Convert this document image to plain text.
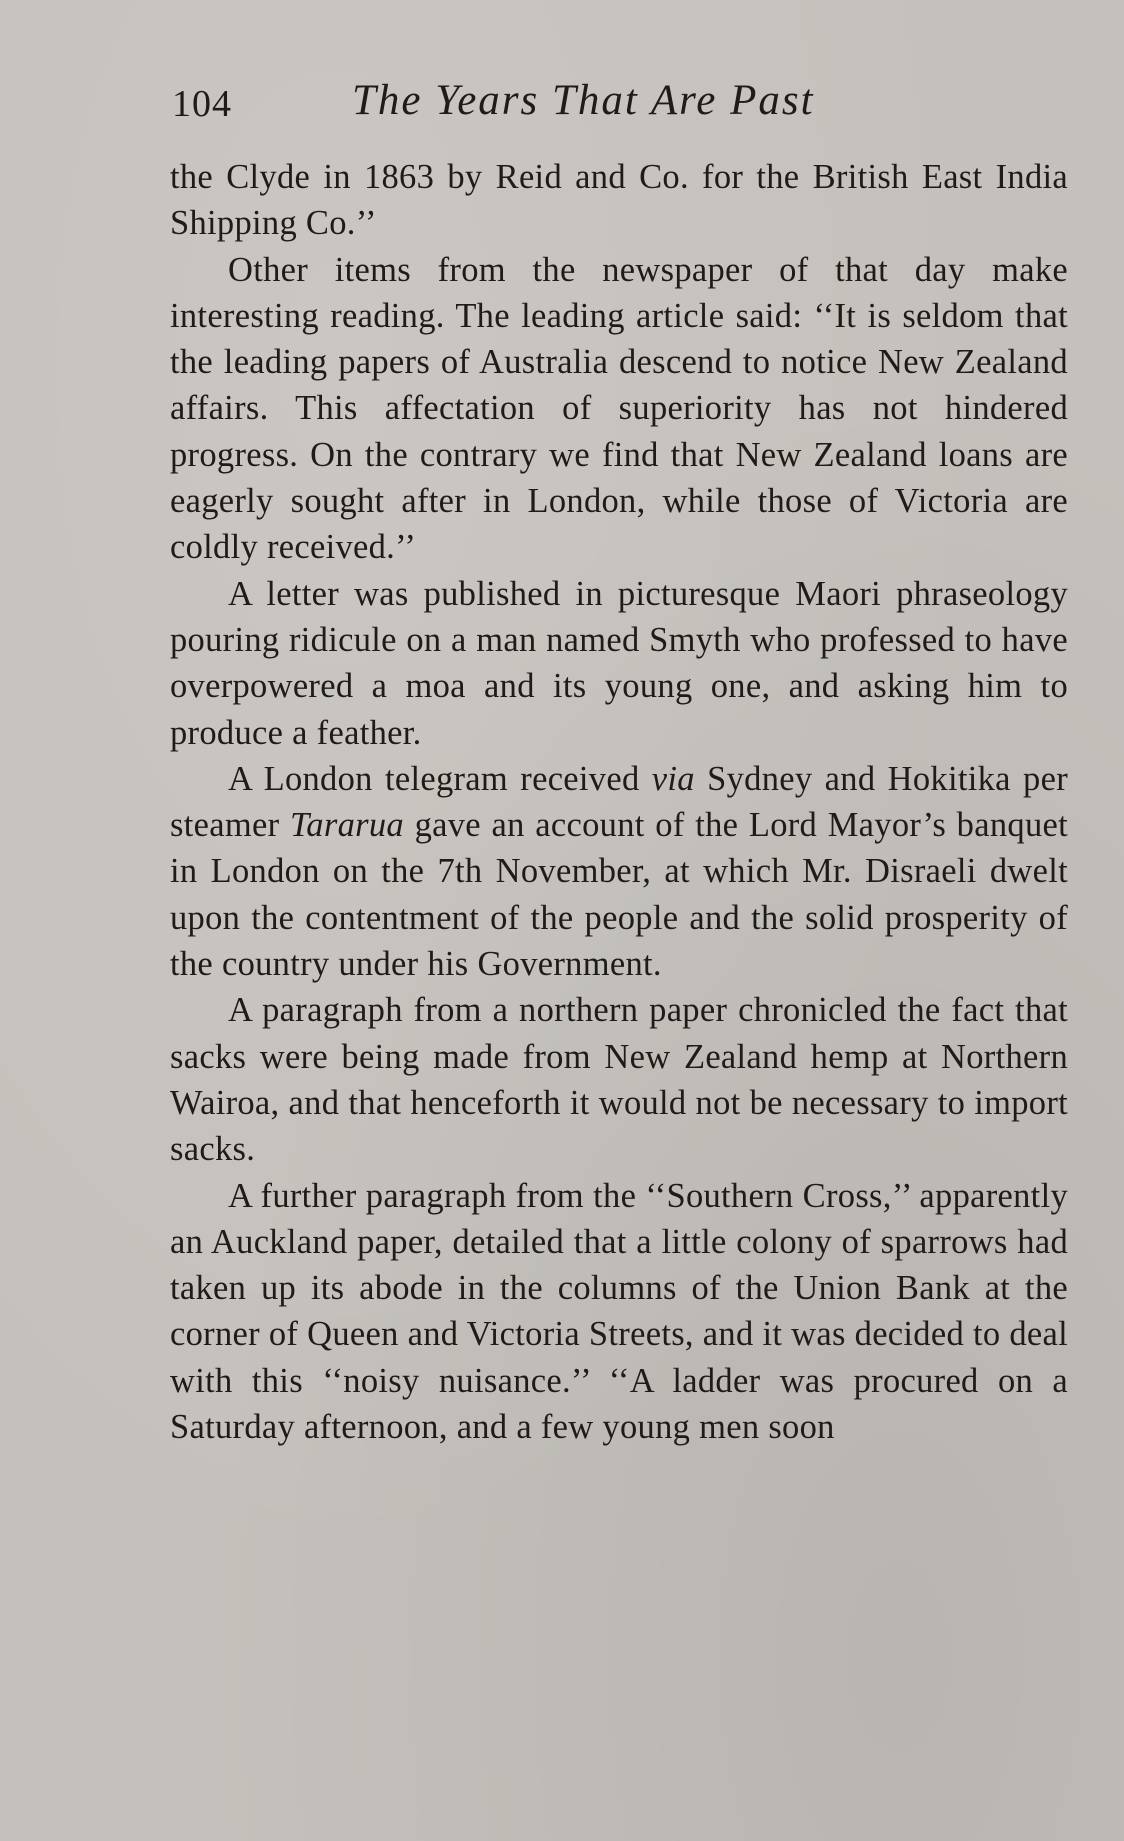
104	The Years That Are Past

the Clyde in 1863 by Reid and Co. for the British East India Shipping Co.’’

Other items from the newspaper of that day make interesting reading. The leading article said: ‘‘It is seldom that the leading papers of Australia descend to notice New Zealand affairs. This affectation of superiority has not hindered progress. On the contrary we find that New Zealand loans are eagerly sought after in London, while those of Victoria are coldly received.’’

A letter was published in picturesque Maori phraseology pouring ridicule on a man named Smyth who professed to have overpowered a moa and its young one, and asking him to produce a feather.

A London telegram received via Sydney and Hokitika per steamer Tararua gave an account of the Lord Mayor’s banquet in London on the 7th November, at which Mr. Disraeli dwelt upon the contentment of the people and the solid prosperity of the country under his Government.

A paragraph from a northern paper chronicled the fact that sacks were being made from New Zealand hemp at Northern Wairoa, and that henceforth it would not be necessary to import sacks.

A further paragraph from the ‘‘Southern Cross,’’ apparently an Auckland paper, detailed that a little colony of sparrows had taken up its abode in the columns of the Union Bank at the corner of Queen and Victoria Streets, and it was decided to deal with this ‘‘noisy nuisance.’’ ‘‘A ladder was procured on a Saturday afternoon, and a few young men soon
